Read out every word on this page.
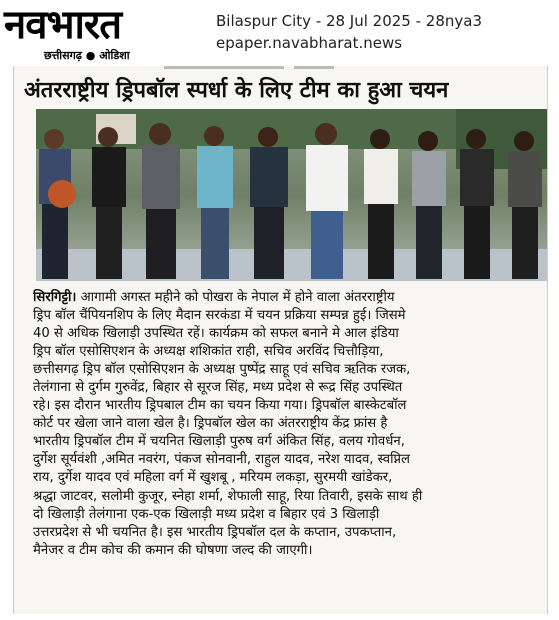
नवभारत
छत्तीसगढ़ ● ओडिशा
Bilaspur City - 28 Jul 2025 - 28nya3
epaper.navabharat.news
अंतरराष्ट्रीय ड्रिपबॉल स्पर्धा के लिए टीम का हुआ चयन
सिरगिट्टी। आगामी अगस्त महीने को पोखरा के नेपाल में होने वाला अंतरराष्ट्रीय
ड्रिप बॉल चैंपियनशिप के लिए मैदान सरकंडा में चयन प्रक्रिया सम्पन्न हुई। जिसमे
40 से अधिक खिलाड़ी उपस्थित रहें। कार्यक्रम को सफल बनाने मे आल इंडिया
ड्रिप बॉल एसोसिएशन के अध्यक्ष शशिकांत राही, सचिव अरविंद चित्तौड़िया,
छत्तीसगढ़ ड्रिप बॉल एसोसिएशन के अध्यक्ष पुष्पेंद्र साहू एवं सचिव ऋतिक रजक,
तेलंगाना से दुर्गम गुरुवेंद्र, बिहार से सूरज सिंह, मध्य प्रदेश से रूद्र सिंह उपस्थित
रहे। इस दौरान भारतीय ड्रिपबाल टीम का चयन किया गया। ड्रिपबॉल बास्केटबॉल
कोर्ट पर खेला जाने वाला खेल है। ड्रिपबॉल खेल का अंतरराष्ट्रीय केंद्र फ्रांस है
भारतीय ड्रिपबॉल टीम में चयनित खिलाड़ी पुरुष वर्ग अंकित सिंह, वलय गोवर्धन,
दुर्गेश सूर्यवंशी ,अमित नवरंग, पंकज सोनवानी, राहुल यादव, नरेश यादव, स्वप्निल
राय, दुर्गेश यादव एवं महिला वर्ग में खुशबू , मरियम लकड़ा, सुरमयी खांडेकर,
श्रद्धा जाटवर, सलोमी कुजूर, स्नेहा शर्मा, शेफाली साहू, रिया तिवारी, इसके साथ ही
दो खिलाड़ी तेलंगाना एक-एक खिलाड़ी मध्य प्रदेश व बिहार एवं 3 खिलाड़ी
उत्तरप्रदेश से भी चयनित है। इस भारतीय ड्रिपबॉल दल के कप्तान, उपकप्तान,
मैनेजर व टीम कोच की कमान की घोषणा जल्द की जाएगी।
